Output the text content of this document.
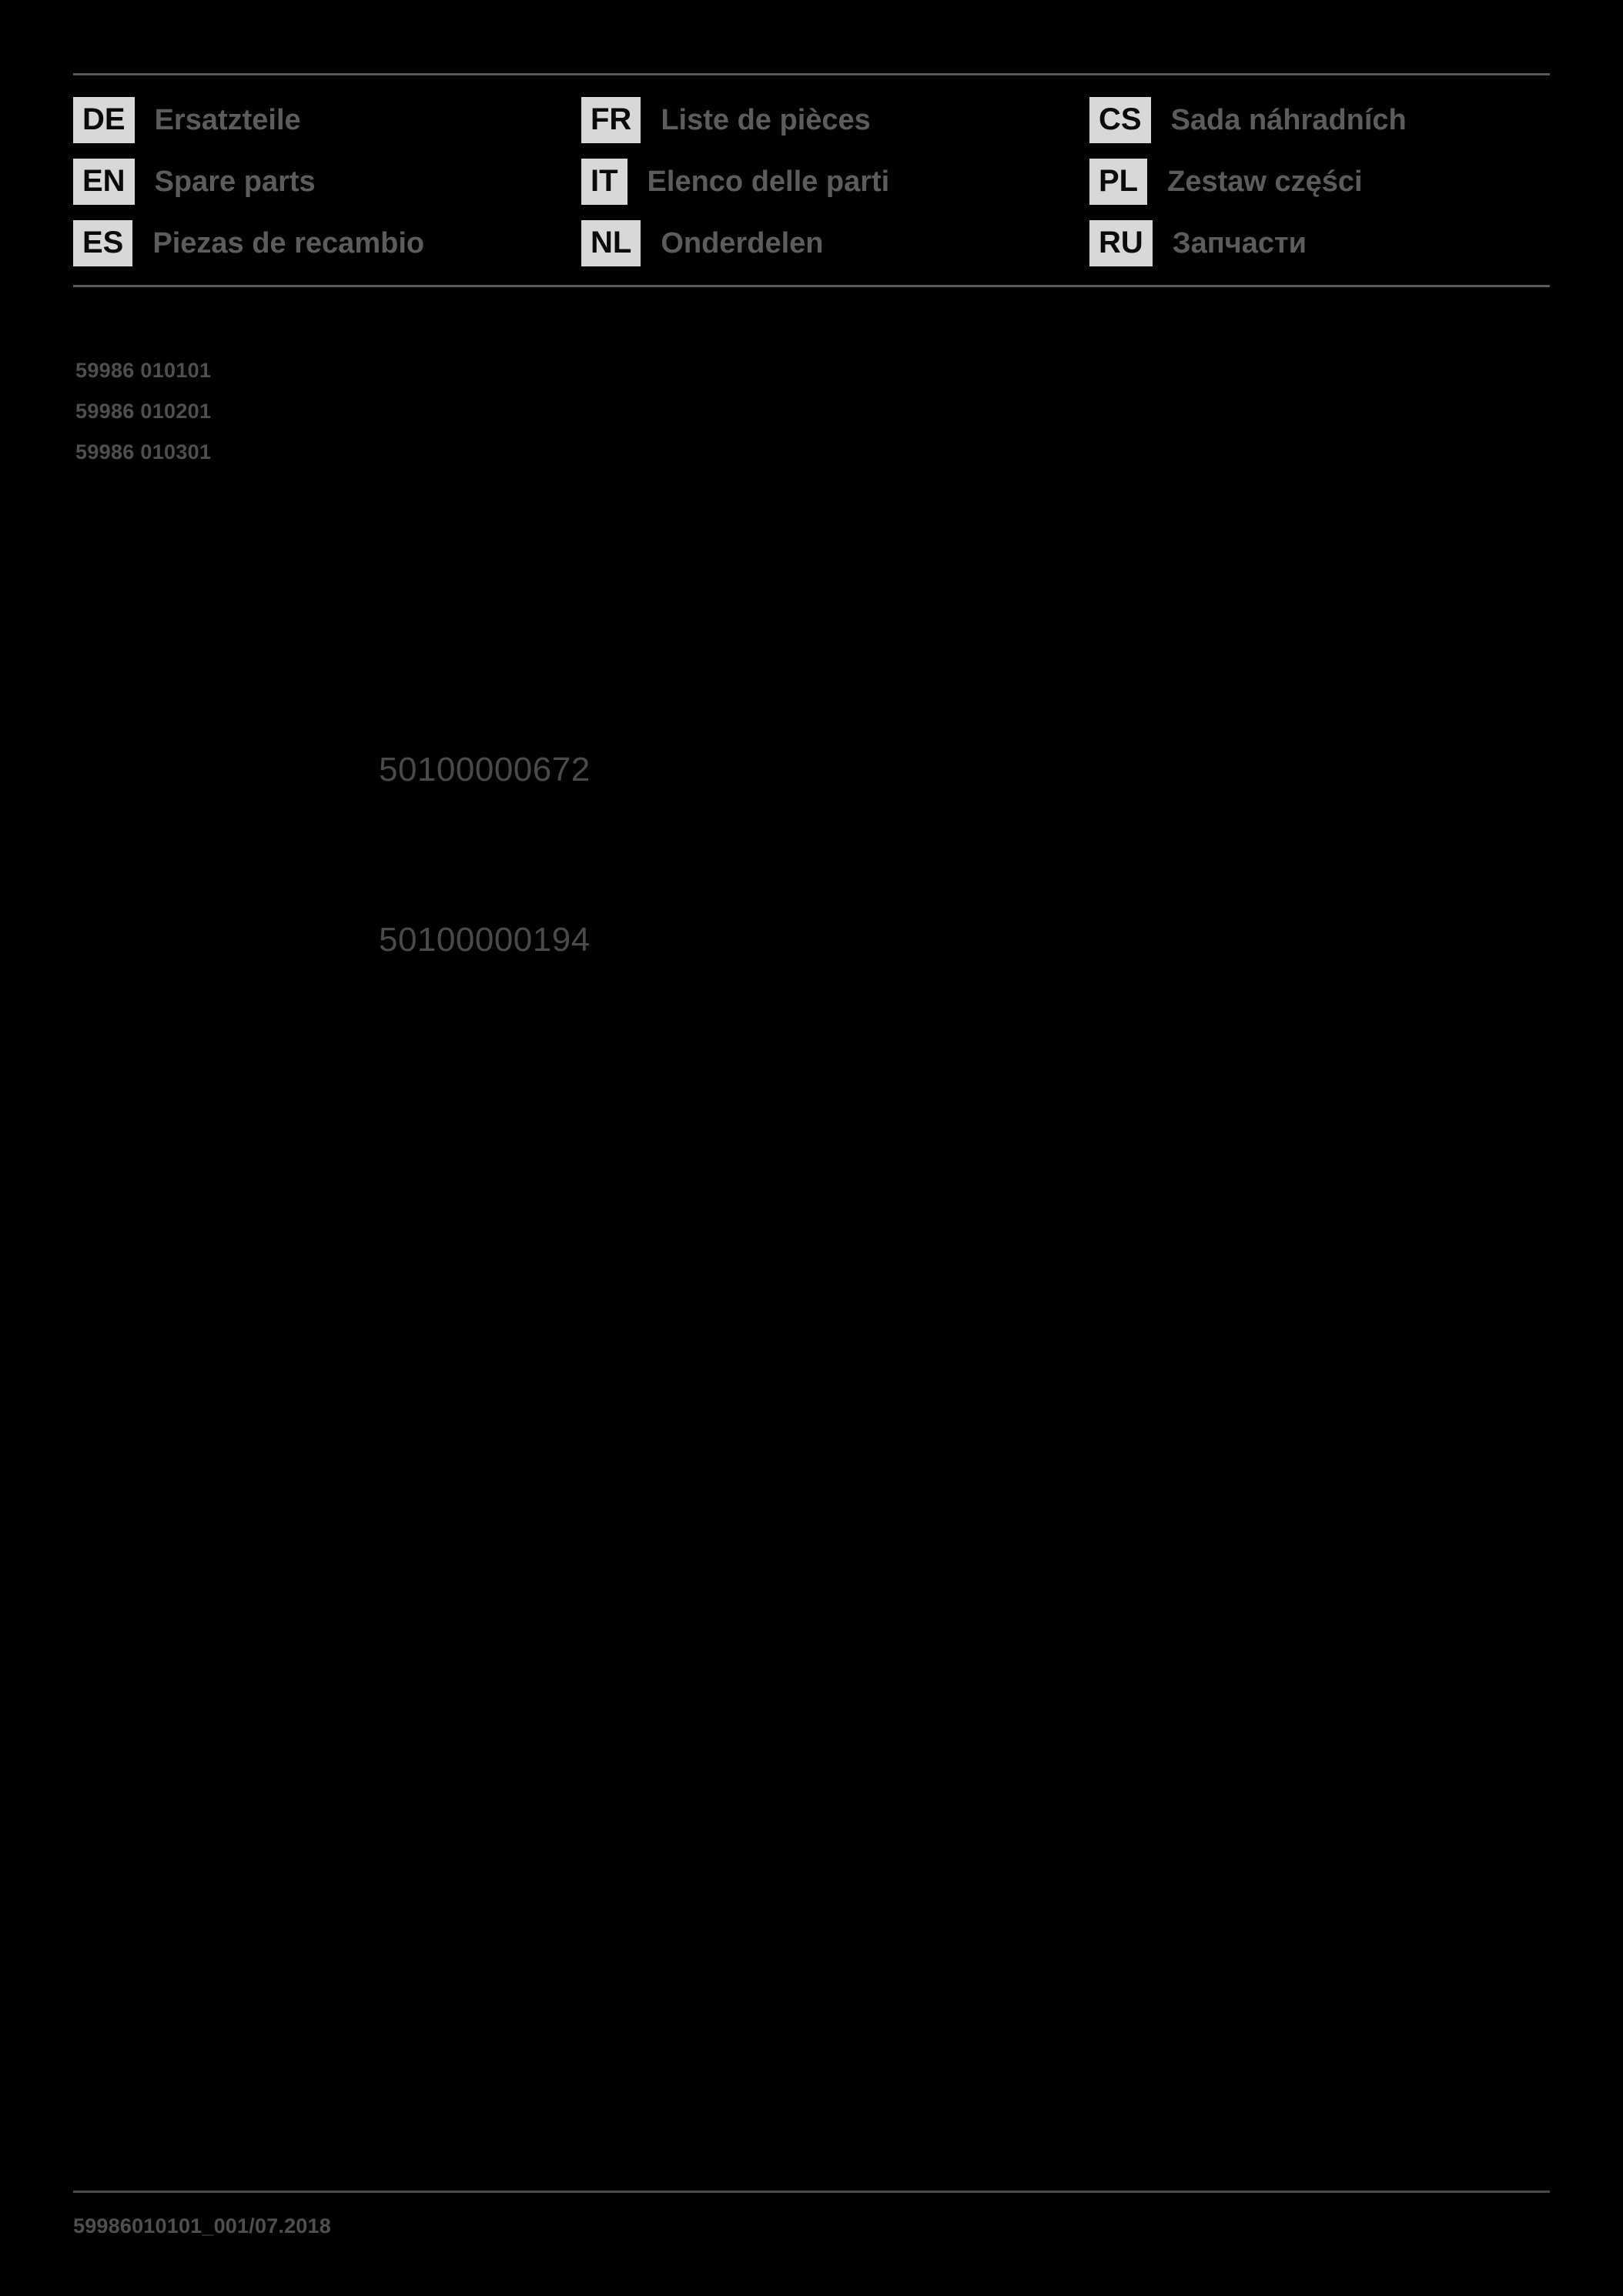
DE	Ersatzteile	FR	Liste de pièces	CS	Sada náhradních
EN	Spare parts	IT	Elenco delle parti	PL	Zestaw części
ES	Piezas de recambio	NL	Onderdelen	RU	Запчасти
59986 010101
59986 010201
59986 010301
50100000672
50100000194
59986010101_001/07.2018
